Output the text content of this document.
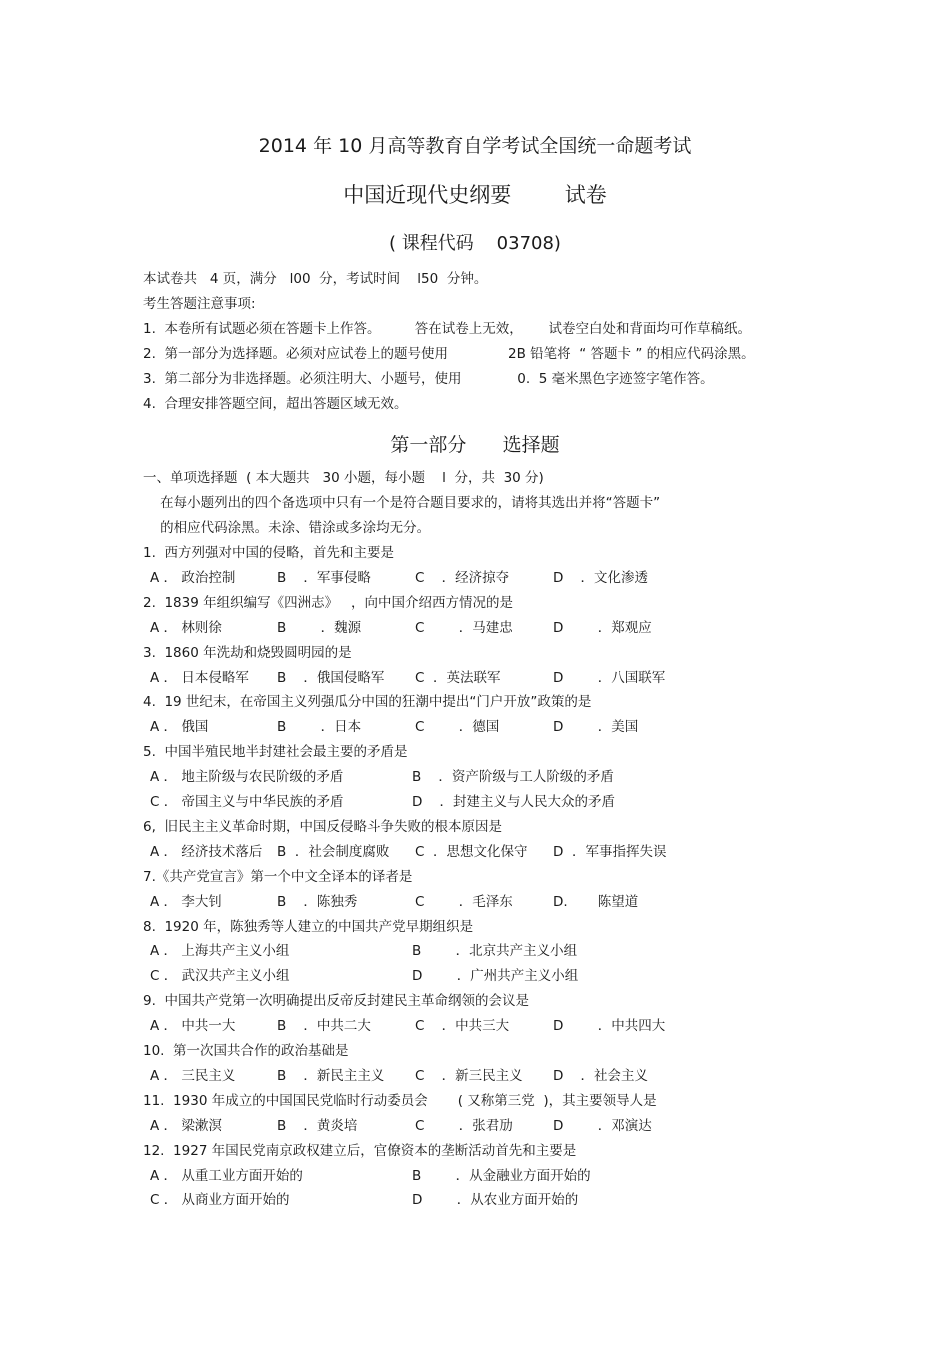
2014 年 10 月高等教育自学考试全国统一命题考试
中国近现代史纲要        试卷
( 课程代码    03708)
本试卷共   4 页，满分   l00  分，考试时间    l50  分钟。
考生答题注意事项:
1.  本卷所有试题必须在答题卡上作答。        答在试卷上无效，      试卷空白处和背面均可作草稿纸。
2.  第一部分为选择题。必须对应试卷上的题号使用              2B 铅笔将  “ 答题卡 ” 的相应代码涂黑。
3.  第二部分为非选择题。必须注明大、小题号，使用             0.  5 毫米黑色字迹签字笔作答。
4.  合理安排答题空间，超出答题区域无效。
第一部分      选择题
一、单项选择题  ( 本大题共   30 小题，每小题    l  分，共  30 分)
在每小题列出的四个备选项中只有一个是符合题目要求的，请将其选出并将“答题卡”
的相应代码涂黑。未涂、错涂或多涂均无分。
1.  西方列强对中国的侵略，首先和主要是
A ． 政治控制	B    ．军事侵略	C    ．经济掠夺	D    ．文化渗透
2.  1839 年组织编写《四洲志》   ，向中国介绍西方情况的是
A ． 林则徐	B        ．魏源	C        ．马建忠	D        ．郑观应
3.  1860 年洗劫和烧毁圆明园的是
A ． 日本侵略军 B    ．俄国侵略军 C  ．英法联军	D        ．八国联军
4.  19 世纪末，在帝国主义列强瓜分中国的狂潮中提出“门户开放”政策的是
A ． 俄国	B        ．日本	C        ．德国	D        ．美国
5.  中国半殖民地半封建社会最主要的矛盾是
A ． 地主阶级与农民阶级的矛盾	B    ．资产阶级与工人阶级的矛盾
C ． 帝国主义与中华民族的矛盾	D    ．封建主义与人民大众的矛盾
6,  旧民主主义革命时期，中国反侵略斗争失败的根本原因是
A ． 经济技术落后 B  ．社会制度腐败 C  ．思想文化保守 D  ．军事指挥失误
7.《共产党宣言》第一个中文全译本的译者是
A ． 李大钊	B    ．陈独秀	C        ．毛泽东	D.       陈望道
8.  1920 年，陈独秀等人建立的中国共产党早期组织是
A ． 上海共产主义小组	B        ．北京共产主义小组
C ． 武汉共产主义小组	D        ．广州共产主义小组
9.  中国共产党第一次明确提出反帝反封建民主革命纲领的会议是
A ． 中共一大	B    ．中共二大	C    ．中共三大	D        ．中共四大
10.  第一次国共合作的政治基础是
A ． 三民主义	B    ．新民主主义 C    ．新三民主义 D    ．社会主义
11.  1930 年成立的中国国民党临时行动委员会       ( 又称第三党  )，其主要领导人是
A ． 梁漱溟	B    ．黄炎培	C        ．张君劢	D        ．邓演达
12.  1927 年国民党南京政权建立后，官僚资本的垄断活动首先和主要是
A ． 从重工业方面开始的	B        ．从金融业方面开始的
C ． 从商业方面开始的	D        ．从农业方面开始的
